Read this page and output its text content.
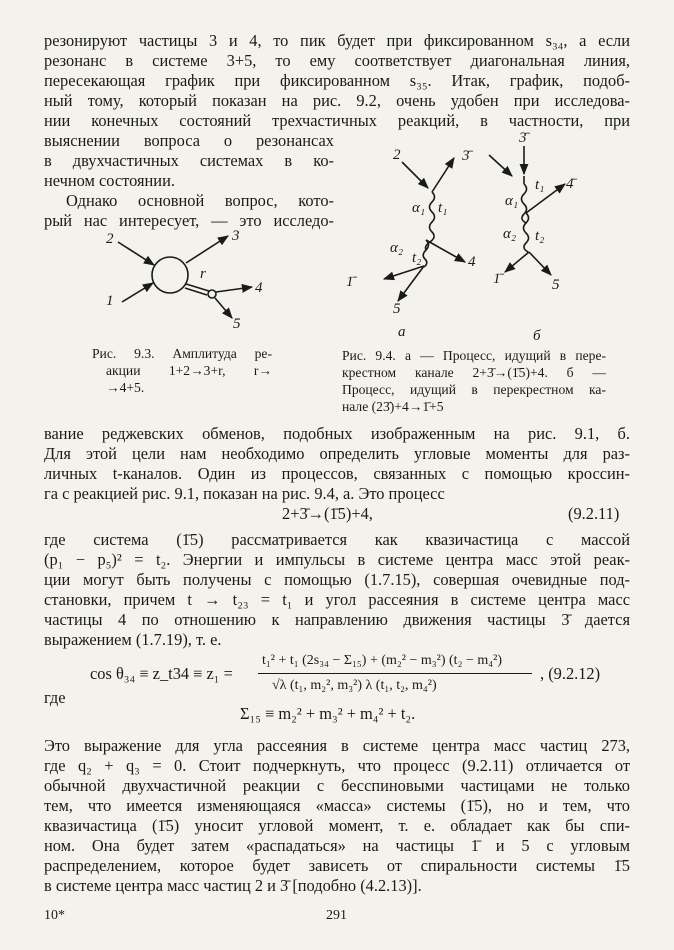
резонируют частицы 3 и 4, то пик будет при фиксированном s₃₄, а если
резонанс в системе 3+5, то ему соответствует диагональная линия,
пересекающая график при фиксированном s₃₅. Итак, график, подоб-
ный тому, который показан на рис. 9.2, очень удобен при исследова-
нии конечных состояний трехчастичных реакций, в частности, при
выяснении вопроса о резонансах
в двухчастичных системах в ко-
нечном состоянии.
Однако основной вопрос, кото-
рый нас интересует, — это исследо-
2	3
1
r
4
5
2	3̄
α₁ t₁
α₂
t₂
1̄
4
5
а
3̄
t₁ 4̄
α₁
α₂ t₂
1̄	5
б
Рис. 9.3. Амплитуда ре-
акции 1+2→3+r, r→
→4+5.
Рис. 9.4. а — Процесс, идущий в пере-
крестном канале 2+3̄→(1̄5)+4. б —
Процесс, идущий в перекрестном ка-
нале (23̄)+4→1̄+5
вание реджевских обменов, подобных изображенным на рис. 9.1, б.
Для этой цели нам необходимо определить угловые моменты для раз-
личных t-каналов. Один из процессов, связанных с помощью кроссин-
га с реакцией рис. 9.1, показан на рис. 9.4, а. Это процесс
2+3̄→(1̄5)+4,	(9.2.11)
где система (1̄5) рассматривается как квазичастица с массой
(p₁ − p₅)² = t₂. Энергии и импульсы в системе центра масс этой реак-
ции могут быть получены с помощью (1.7.15), совершая очевидные под-
становки, причем t → t₂₃ = t₁ и угол рассеяния в системе центра масс
частицы 4 по отношению к направлению движения частицы 3̄ дается
выражением (1.7.19), т. е.
cos θ₃₄ ≡ z_t34 ≡ z₁ =
t₁² + t₁ (2s₃₄ − Σ₁₅) + (m₂² − m₃²) (t₂ − m₄²)
√λ (t₁, m₂², m₃²) λ (t₁, t₂, m₄²)
, (9.2.12)
где
Σ₁₅ ≡ m₂² + m₃² + m₄² + t₂.
Это выражение для угла рассеяния в системе центра масс частиц 273,
где q₂ + q₃ = 0. Стоит подчеркнуть, что процесс (9.2.11) отличается от
обычной двухчастичной реакции с бесспиновыми частицами не только
тем, что имеется изменяющаяся «масса» системы (1̄5), но и тем, что
квазичастица (1̄5) уносит угловой момент, т. е. обладает как бы спи-
ном. Она будет затем «распадаться» на частицы 1̄ и 5 с угловым
распределением, которое будет зависеть от спиральности системы 1̄5
в системе центра масс частиц 2 и 3̄ [подобно (4.2.13)].
10*	291
